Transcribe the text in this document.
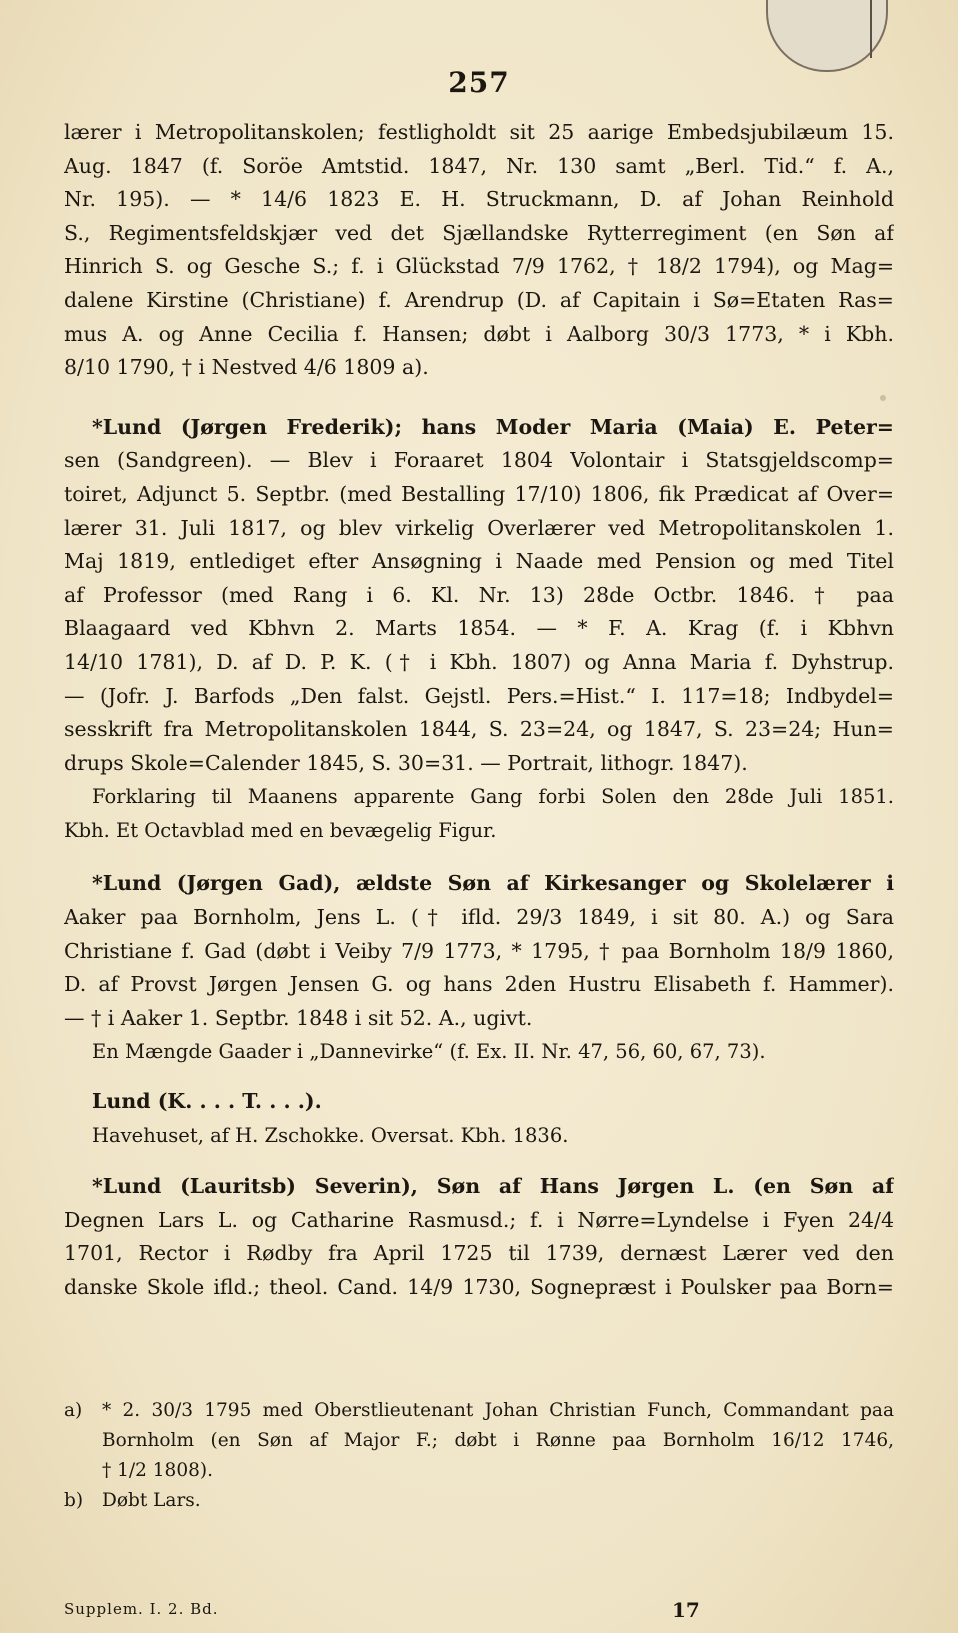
257
lærer i Metropolitanskolen; festligholdt sit 25 aarige Embedsjubilæum 15.
Aug. 1847 (f. Soröe Amtstid. 1847, Nr. 130 samt „Berl. Tid.“ f. A.,
Nr. 195). — * 14/6 1823 E. H. Struckmann, D. af Johan Reinhold
S., Regimentsfeldskjær ved det Sjællandske Rytterregiment (en Søn af
Hinrich S. og Gesche S.; f. i Glückstad 7/9 1762, † 18/2 1794), og Mag=
dalene Kirstine (Christiane) f. Arendrup (D. af Capitain i Sø=Etaten Ras=
mus A. og Anne Cecilia f. Hansen; døbt i Aalborg 30/3 1773, * i Kbh.
8/10 1790, † i Nestved 4/6 1809 a).
*Lund (Jørgen Frederik); hans Moder Maria (Maia) E. Peter=
sen (Sandgreen). — Blev i Foraaret 1804 Volontair i Statsgjeldscomp=
toiret, Adjunct 5. Septbr. (med Bestalling 17/10) 1806, fik Prædicat af Over=
lærer 31. Juli 1817, og blev virkelig Overlærer ved Metropolitanskolen 1.
Maj 1819, entlediget efter Ansøgning i Naade med Pension og med Titel
af Professor (med Rang i 6. Kl. Nr. 13) 28de Octbr. 1846. † paa
Blaagaard ved Kbhvn 2. Marts 1854. — * F. A. Krag (f. i Kbhvn
14/10 1781), D. af D. P. K. († i Kbh. 1807) og Anna Maria f. Dyhstrup.
— (Jofr. J. Barfods „Den falst. Gejstl. Pers.=Hist.“ I. 117=18; Indbydel=
sesskrift fra Metropolitanskolen 1844, S. 23=24, og 1847, S. 23=24; Hun=
drups Skole=Calender 1845, S. 30=31. — Portrait, lithogr. 1847).
Forklaring til Maanens apparente Gang forbi Solen den 28de Juli 1851.
Kbh. Et Octavblad med en bevægelig Figur.
*Lund (Jørgen Gad), ældste Søn af Kirkesanger og Skolelærer i
Aaker paa Bornholm, Jens L. († ifld. 29/3 1849, i sit 80. A.) og Sara
Christiane f. Gad (døbt i Veiby 7/9 1773, * 1795, † paa Bornholm 18/9 1860,
D. af Provst Jørgen Jensen G. og hans 2den Hustru Elisabeth f. Hammer).
— † i Aaker 1. Septbr. 1848 i sit 52. A., ugivt.
En Mængde Gaader i „Dannevirke“ (f. Ex. II. Nr. 47, 56, 60, 67, 73).
Lund (K. . . . T. . . .).
Havehuset, af H. Zschokke. Oversat. Kbh. 1836.
*Lund (Lauritsb) Severin), Søn af Hans Jørgen L. (en Søn af
Degnen Lars L. og Catharine Rasmusd.; f. i Nørre=Lyndelse i Fyen 24/4
1701, Rector i Rødby fra April 1725 til 1739, dernæst Lærer ved den
danske Skole ifld.; theol. Cand. 14/9 1730, Sognepræst i Poulsker paa Born=
a) * 2. 30/3 1795 med Oberstlieutenant Johan Christian Funch, Commandant paa
Bornholm (en Søn af Major F.; døbt i Rønne paa Bornholm 16/12 1746,
† 1/2 1808).
b) Døbt Lars.
Supplem. I. 2. Bd.	17
